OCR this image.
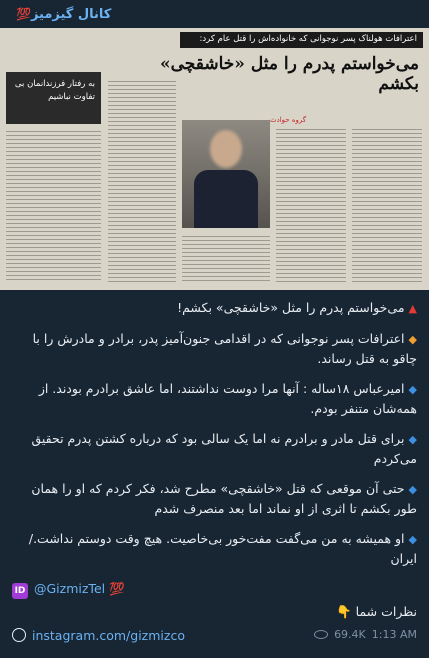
کانال گیزمیز
💯
اعترافات هولناک پسر نوجوانی که خانواده‌اش را قتل عام کرد:
می‌خواستم پدرم را مثل «خاشقچی» بکشم
به رفتار فرزندانمان بی تفاوت نباشیم
گروه حوادث

▲می‌خواستم پدرم را مثل «خاشقچی» بکشم!

◆اعترافات پسر نوجوانی که در اقدامی جنون‌آمیز پدر، برادر و مادرش را با چاقو به قتل رساند.

◆امیرعباس ۱۸ساله : آنها مرا دوست نداشتند، اما عاشق برادرم بودند. از همه‌شان متنفر بودم.

◆برای قتل مادر و برادرم نه اما یک سالی بود که درباره کشتن پدرم تحقیق می‌کردم

◆حتی آن موقعی که قتل «خاشقچی» مطرح شد، فکر کردم که او را همان طور بکشم تا اثری از او نماند اما بعد منصرف شدم

◆او همیشه به من می‌گفت مفت‌خور بی‌خاصیت. هیچ وقت دوستم نداشت./ایران

ID @GizmizTel 💯
نظرات شما 👇
instagram.com/gizmizco	69.4K 1:13 AM
